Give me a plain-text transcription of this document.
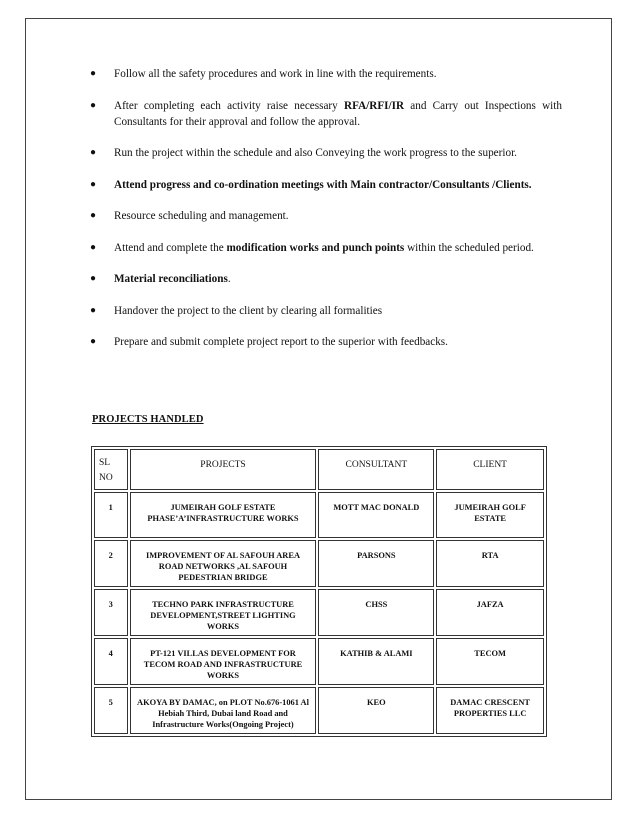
● Follow all the safety procedures and work in line with the requirements.
● After completing each activity raise necessary RFA/RFI/IR and Carry out Inspections with Consultants for their approval and follow the approval.
● Run the project within the schedule and also Conveying the work progress to the superior.
● Attend progress and co-ordination meetings with Main contractor/Consultants /Clients.
● Resource scheduling and management.
● Attend and complete the modification works and punch points within the scheduled period.
● Material reconciliations.
● Handover the project to the client by clearing all formalities
● Prepare and submit complete project report to the superior with feedbacks.
PROJECTS HANDLED
SL NO	PROJECTS	CONSULTANT	CLIENT
1	JUMEIRAH GOLF ESTATE PHASE’A’INFRASTRUCTURE WORKS	MOTT MAC DONALD	JUMEIRAH GOLF ESTATE
2	IMPROVEMENT OF AL SAFOUH AREA ROAD NETWORKS ,AL SAFOUH PEDESTRIAN BRIDGE	PARSONS	RTA
3	TECHNO PARK INFRASTRUCTURE DEVELOPMENT,STREET LIGHTING WORKS	CHSS	JAFZA
4	PT-121 VILLAS DEVELOPMENT FOR TECOM ROAD AND INFRASTRUCTURE WORKS	KATHIB & ALAMI	TECOM
5	AKOYA BY DAMAC, on PLOT No.676-1061 Al Hebiah Third, Dubai land Road and Infrastructure Works(Ongoing Project)	KEO	DAMAC CRESCENT PROPERTIES LLC
